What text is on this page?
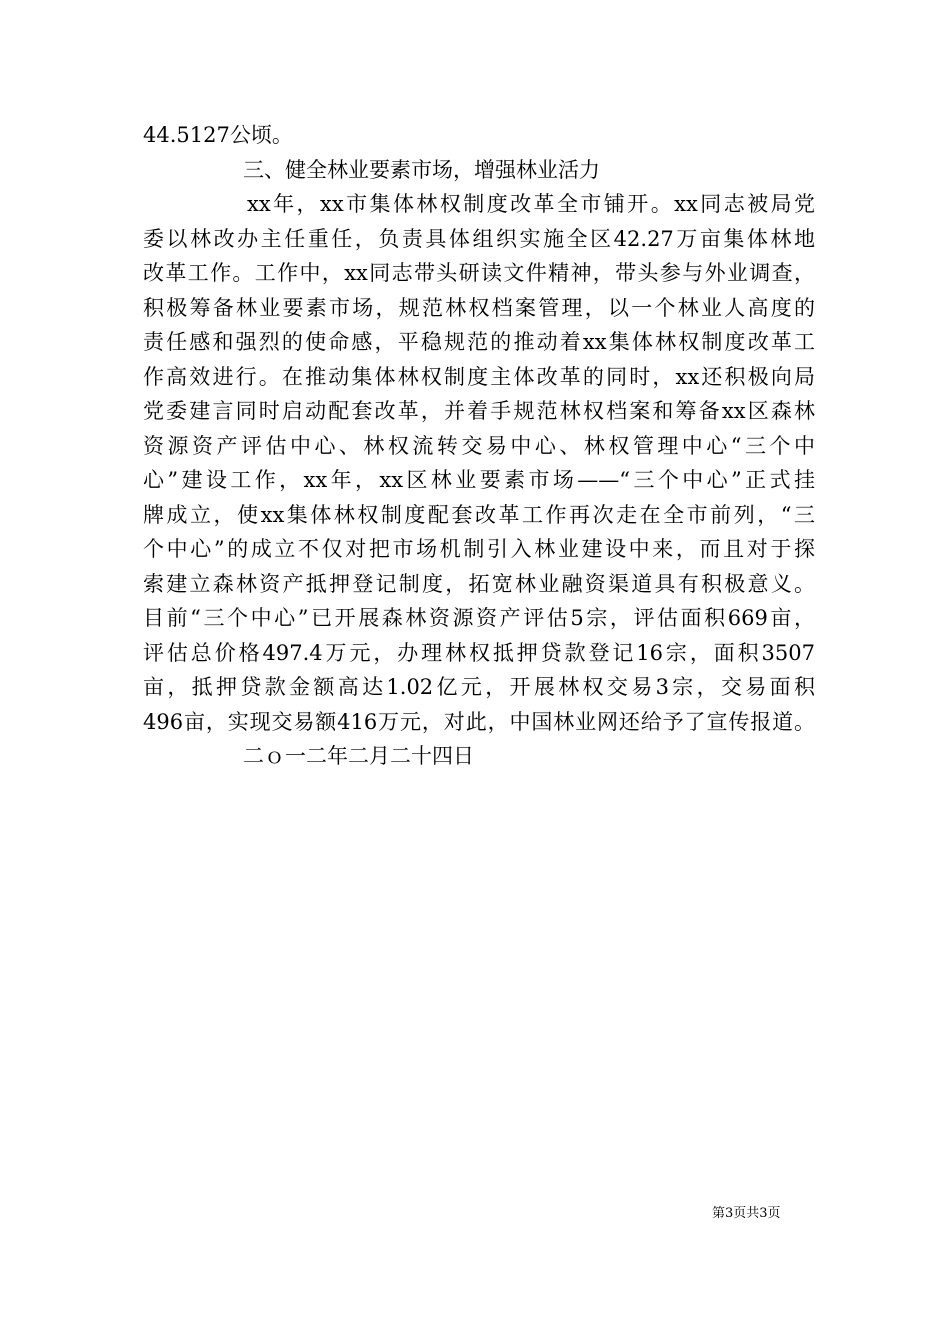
44.5127公顷。
三、健全林业要素市场，增强林业活力
xx年，xx市集体林权制度改革全市铺开。xx同志被局党
委以林改办主任重任，负责具体组织实施全区42.27万亩集体林地
改革工作。工作中，xx同志带头研读文件精神，带头参与外业调查，
积极筹备林业要素市场，规范林权档案管理，以一个林业人高度的
责任感和强烈的使命感，平稳规范的推动着xx集体林权制度改革工
作高效进行。在推动集体林权制度主体改革的同时，xx还积极向局
党委建言同时启动配套改革，并着手规范林权档案和筹备xx区森林
资源资产评估中心、林权流转交易中心、林权管理中心“三个中
心”建设工作，xx年，xx区林业要素市场——“三个中心”正式挂
牌成立，使xx集体林权制度配套改革工作再次走在全市前列，“三
个中心”的成立不仅对把市场机制引入林业建设中来，而且对于探
索建立森林资产抵押登记制度，拓宽林业融资渠道具有积极意义。
目前“三个中心”已开展森林资源资产评估5宗，评估面积669亩，
评估总价格497.4万元，办理林权抵押贷款登记16宗，面积3507
亩，抵押贷款金额高达1.02亿元，开展林权交易3宗，交易面积
496亩，实现交易额416万元，对此，中国林业网还给予了宣传报道。
二ｏ一二年二月二十四日
第3页共3页
